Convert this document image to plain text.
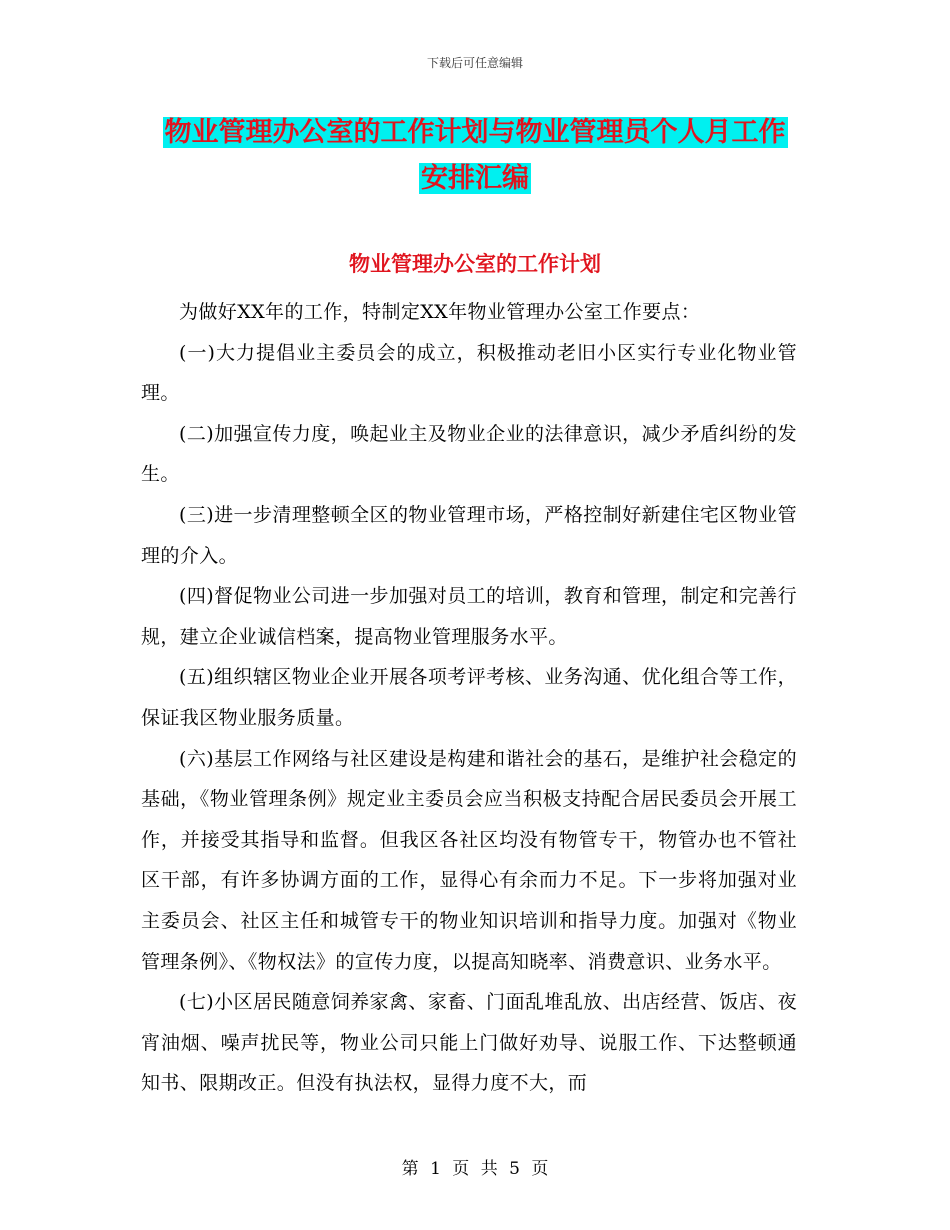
下载后可任意编辑
物业管理办公室的工作计划与物业管理员个人月工作
安排汇编
物业管理办公室的工作计划

为做好XX年的工作，特制定XX年物业管理办公室工作要点：

(一)大力提倡业主委员会的成立，积极推动老旧小区实行专业化物业管理。

(二)加强宣传力度，唤起业主及物业企业的法律意识，减少矛盾纠纷的发生。

(三)进一步清理整顿全区的物业管理市场，严格控制好新建住宅区物业管理的介入。

(四)督促物业公司进一步加强对员工的培训，教育和管理，制定和完善行规，建立企业诚信档案，提高物业管理服务水平。

(五)组织辖区物业企业开展各项考评考核、业务沟通、优化组合等工作，保证我区物业服务质量。

(六)基层工作网络与社区建设是构建和谐社会的基石，是维护社会稳定的基础，《物业管理条例》规定业主委员会应当积极支持配合居民委员会开展工作，并接受其指导和监督。但我区各社区均没有物管专干，物管办也不管社区干部，有许多协调方面的工作，显得心有余而力不足。下一步将加强对业主委员会、社区主任和城管专干的物业知识培训和指导力度。加强对《物业管理条例》、《物权法》的宣传力度，以提高知晓率、消费意识、业务水平。

(七)小区居民随意饲养家禽、家畜、门面乱堆乱放、出店经营、饭店、夜宵油烟、噪声扰民等，物业公司只能上门做好劝导、说服工作、下达整顿通知书、限期改正。但没有执法权，显得力度不大，而

第 1 页 共 5 页
